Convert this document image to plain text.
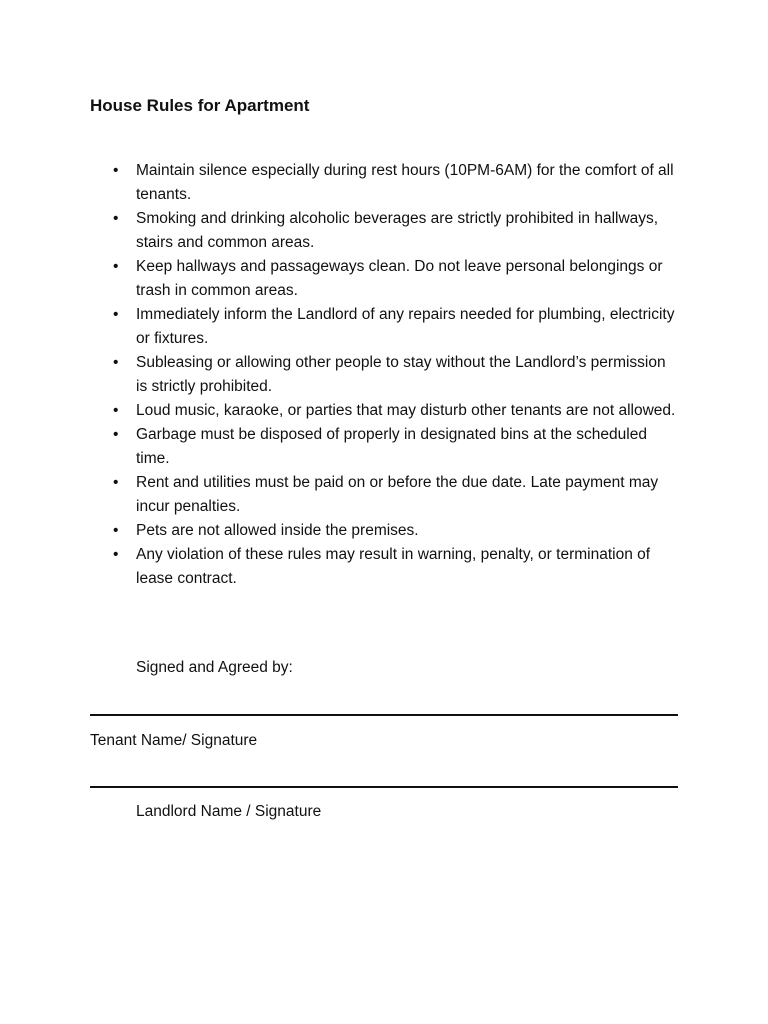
House Rules for Apartment
•	Maintain silence especially during rest hours (10PM-6AM) for the comfort of all tenants.
•	Smoking and drinking alcoholic beverages are strictly prohibited in hallways, stairs and common areas.
•	Keep hallways and passageways clean. Do not leave personal belongings or trash in common areas.
•	Immediately inform the Landlord of any repairs needed for plumbing, electricity or fixtures.
•	Subleasing or allowing other people to stay without the Landlord’s permission is strictly prohibited.
•	Loud music, karaoke, or parties that may disturb other tenants are not allowed.
•	Garbage must be disposed of properly in designated bins at the scheduled time.
•	Rent and utilities must be paid on or before the due date. Late payment may incur penalties.
•	Pets are not allowed inside the premises.
•	Any violation of these rules may result in warning, penalty, or termination of lease contract.
Signed and Agreed by:
Tenant Name/ Signature
Landlord Name / Signature
